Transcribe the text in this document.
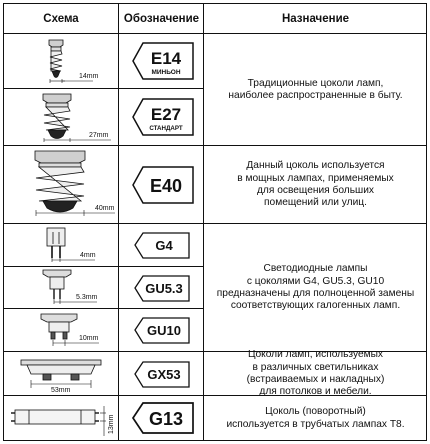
Схема	Обозначение	Назначение
14mm
27mm
40mm
4mm
5.3mm
10mm
53mm
13mm
E14
МИНЬОН
E27
СТАНДАРТ
E40
G4
GU5.3
GU10
GX53
G13
Традиционные цоколи ламп,
наиболее распространенные в быту.
Данный цоколь используется
в мощных лампах, применяемых
для освещения больших
помещений или улиц.
Светодиодные лампы
с цоколями G4, GU5.3, GU10
предназначены для полноценной замены
соответствующих галогенных ламп.
Цоколи ламп, используемых
в различных светильниках
(встраиваемых и накладных)
для потолков и мебели.
Цоколь (поворотный)
используется в трубчатых лампах Т8.
